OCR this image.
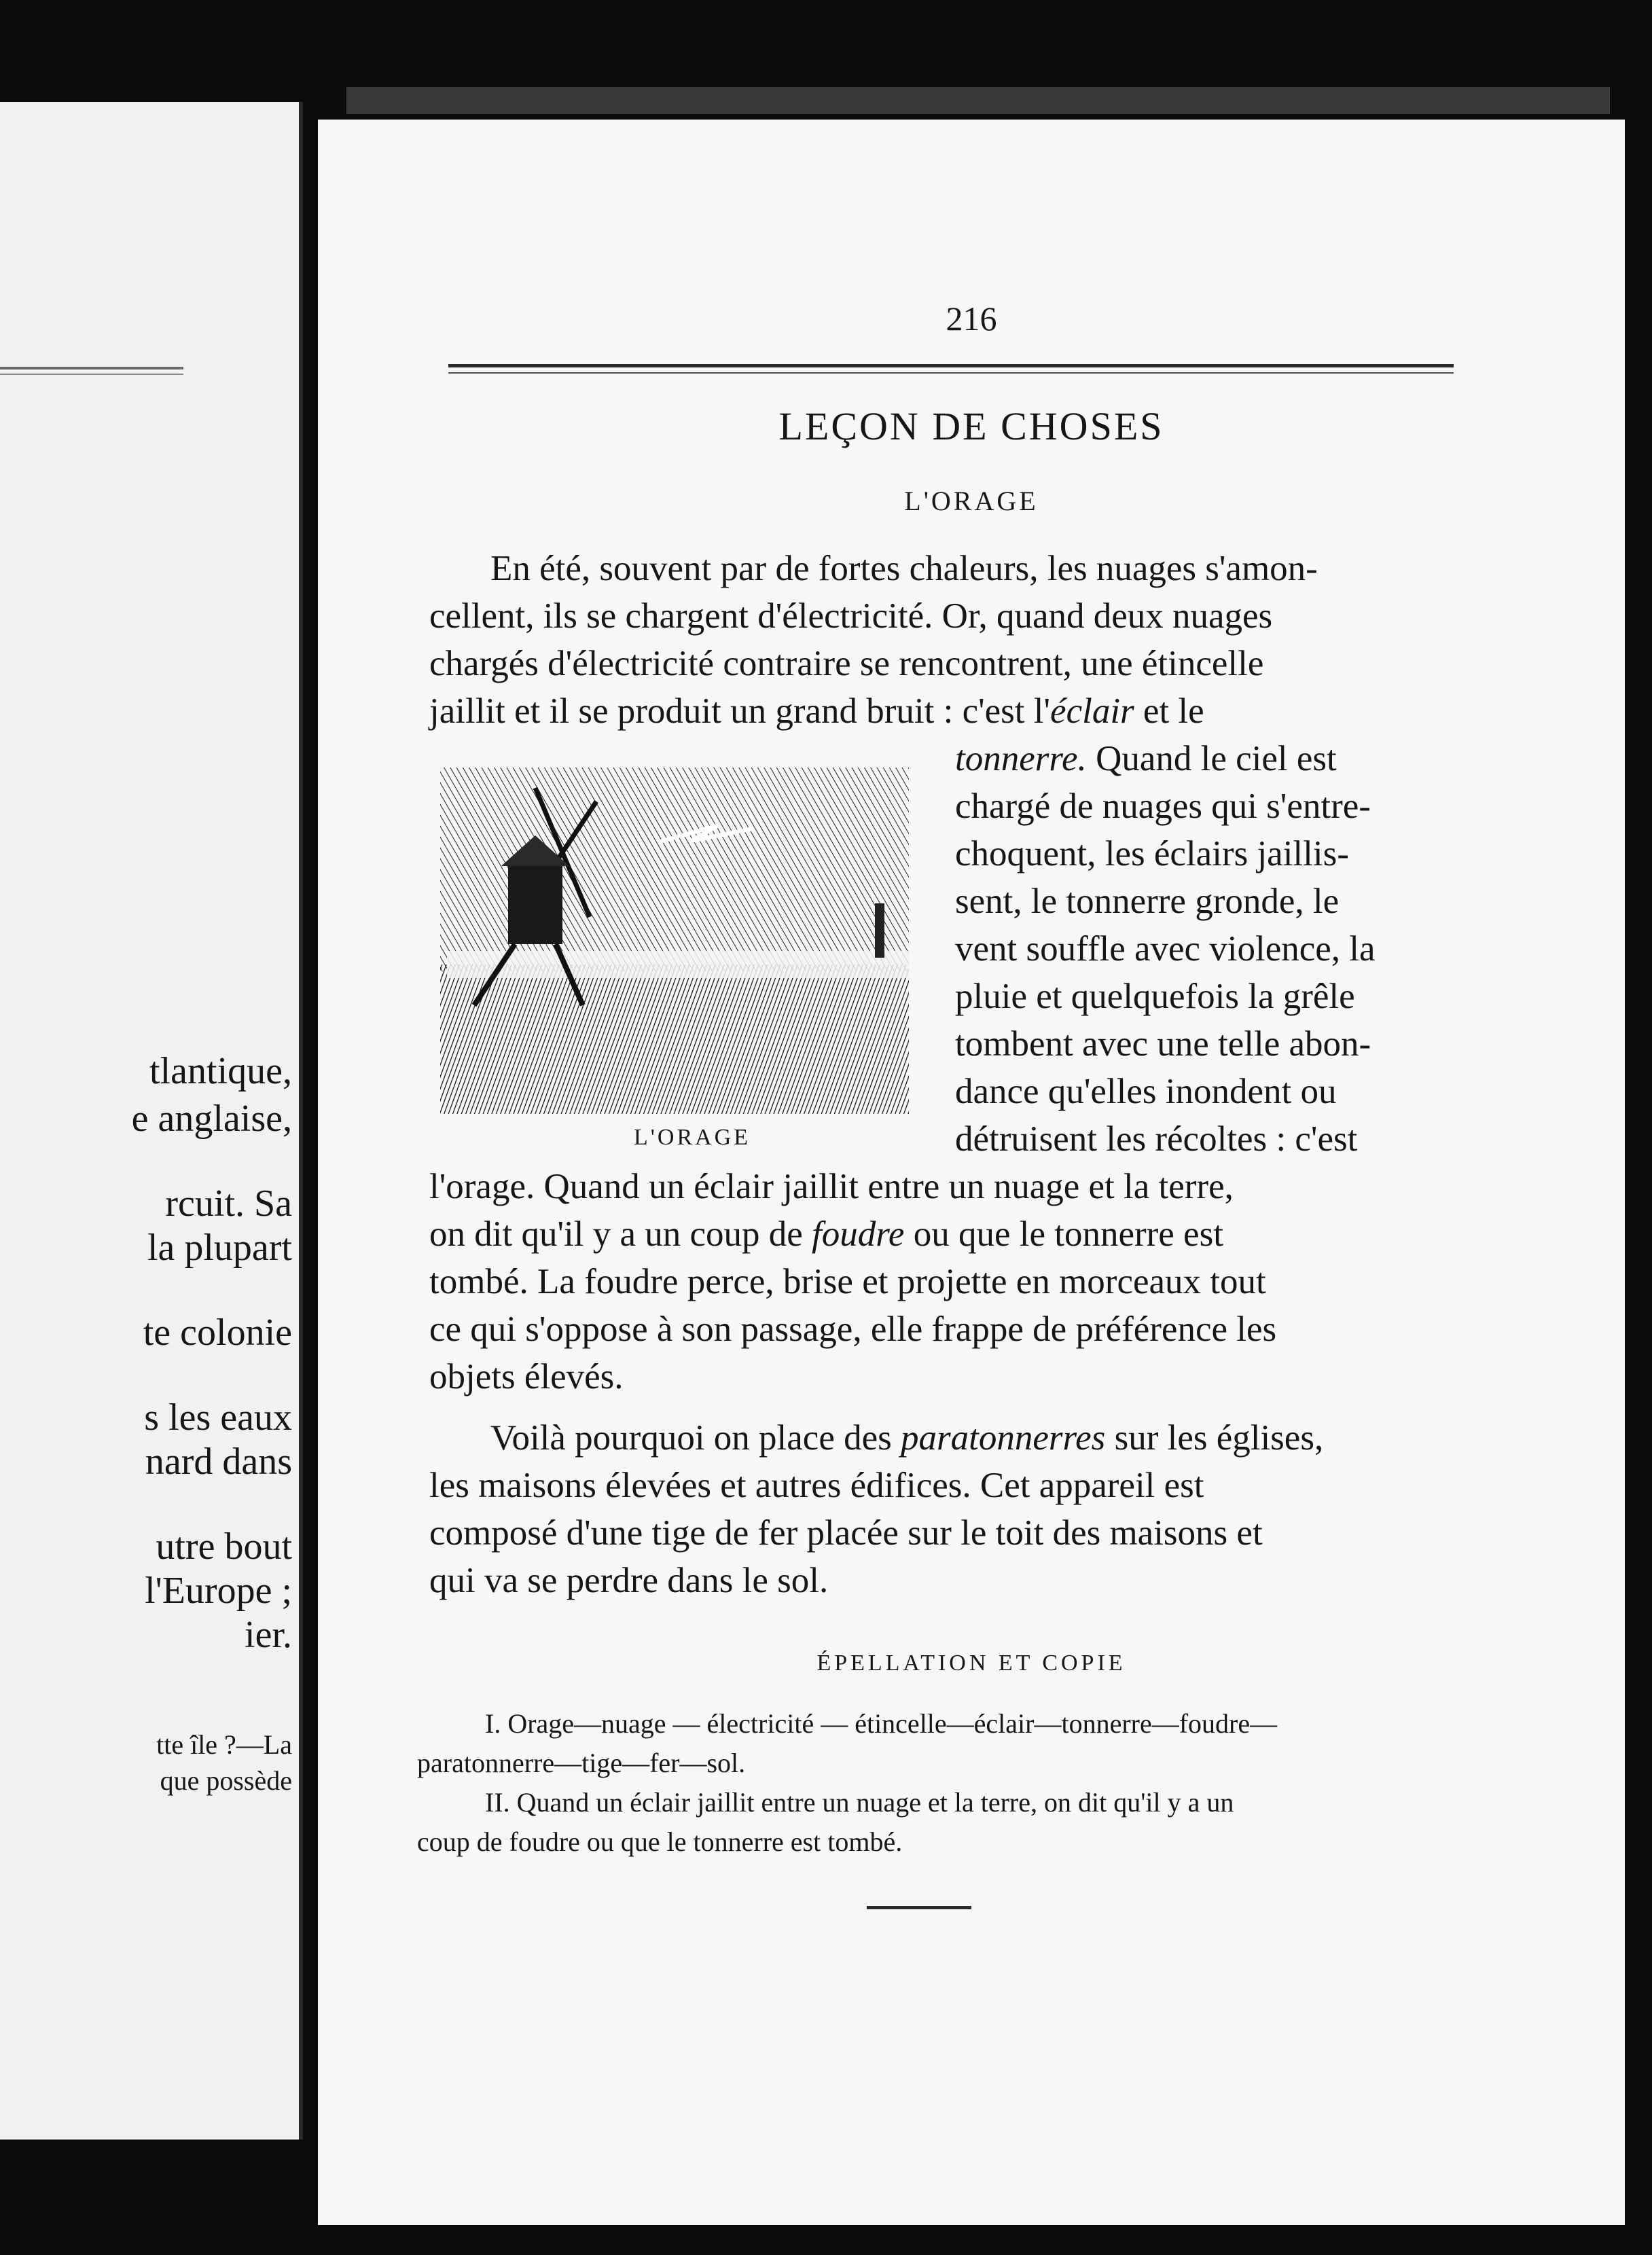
tlantique,
e anglaise,
rcuit. Sa
la plupart
te colonie
s les eaux
nard dans
utre bout
l'Europe ;
ier.
tte île ?—La
que possède
216
LEÇON DE CHOSES
L'ORAGE
En été, souvent par de fortes chaleurs, les nuages s'amon-
cellent, ils se chargent d'électricité. Or, quand deux nuages
chargés d'électricité contraire se rencontrent, une étincelle
jaillit et il se produit un grand bruit : c'est l'éclair et le
tonnerre. Quand le ciel est
chargé de nuages qui s'entre-
choquent, les éclairs jaillis-
sent, le tonnerre gronde, le
vent souffle avec violence, la
pluie et quelquefois la grêle
tombent avec une telle abon-
dance qu'elles inondent ou
détruisent les récoltes : c'est
L'ORAGE
l'orage. Quand un éclair jaillit entre un nuage et la terre,
on dit qu'il y a un coup de foudre ou que le tonnerre est
tombé. La foudre perce, brise et projette en morceaux tout
ce qui s'oppose à son passage, elle frappe de préférence les
objets élevés.
Voilà pourquoi on place des paratonnerres sur les églises,
les maisons élevées et autres édifices. Cet appareil est
composé d'une tige de fer placée sur le toit des maisons et
qui va se perdre dans le sol.
ÉPELLATION ET COPIE
I. Orage—nuage — électricité — étincelle—éclair—tonnerre—foudre—
paratonnerre—tige—fer—sol.
II. Quand un éclair jaillit entre un nuage et la terre, on dit qu'il y a un
coup de foudre ou que le tonnerre est tombé.
